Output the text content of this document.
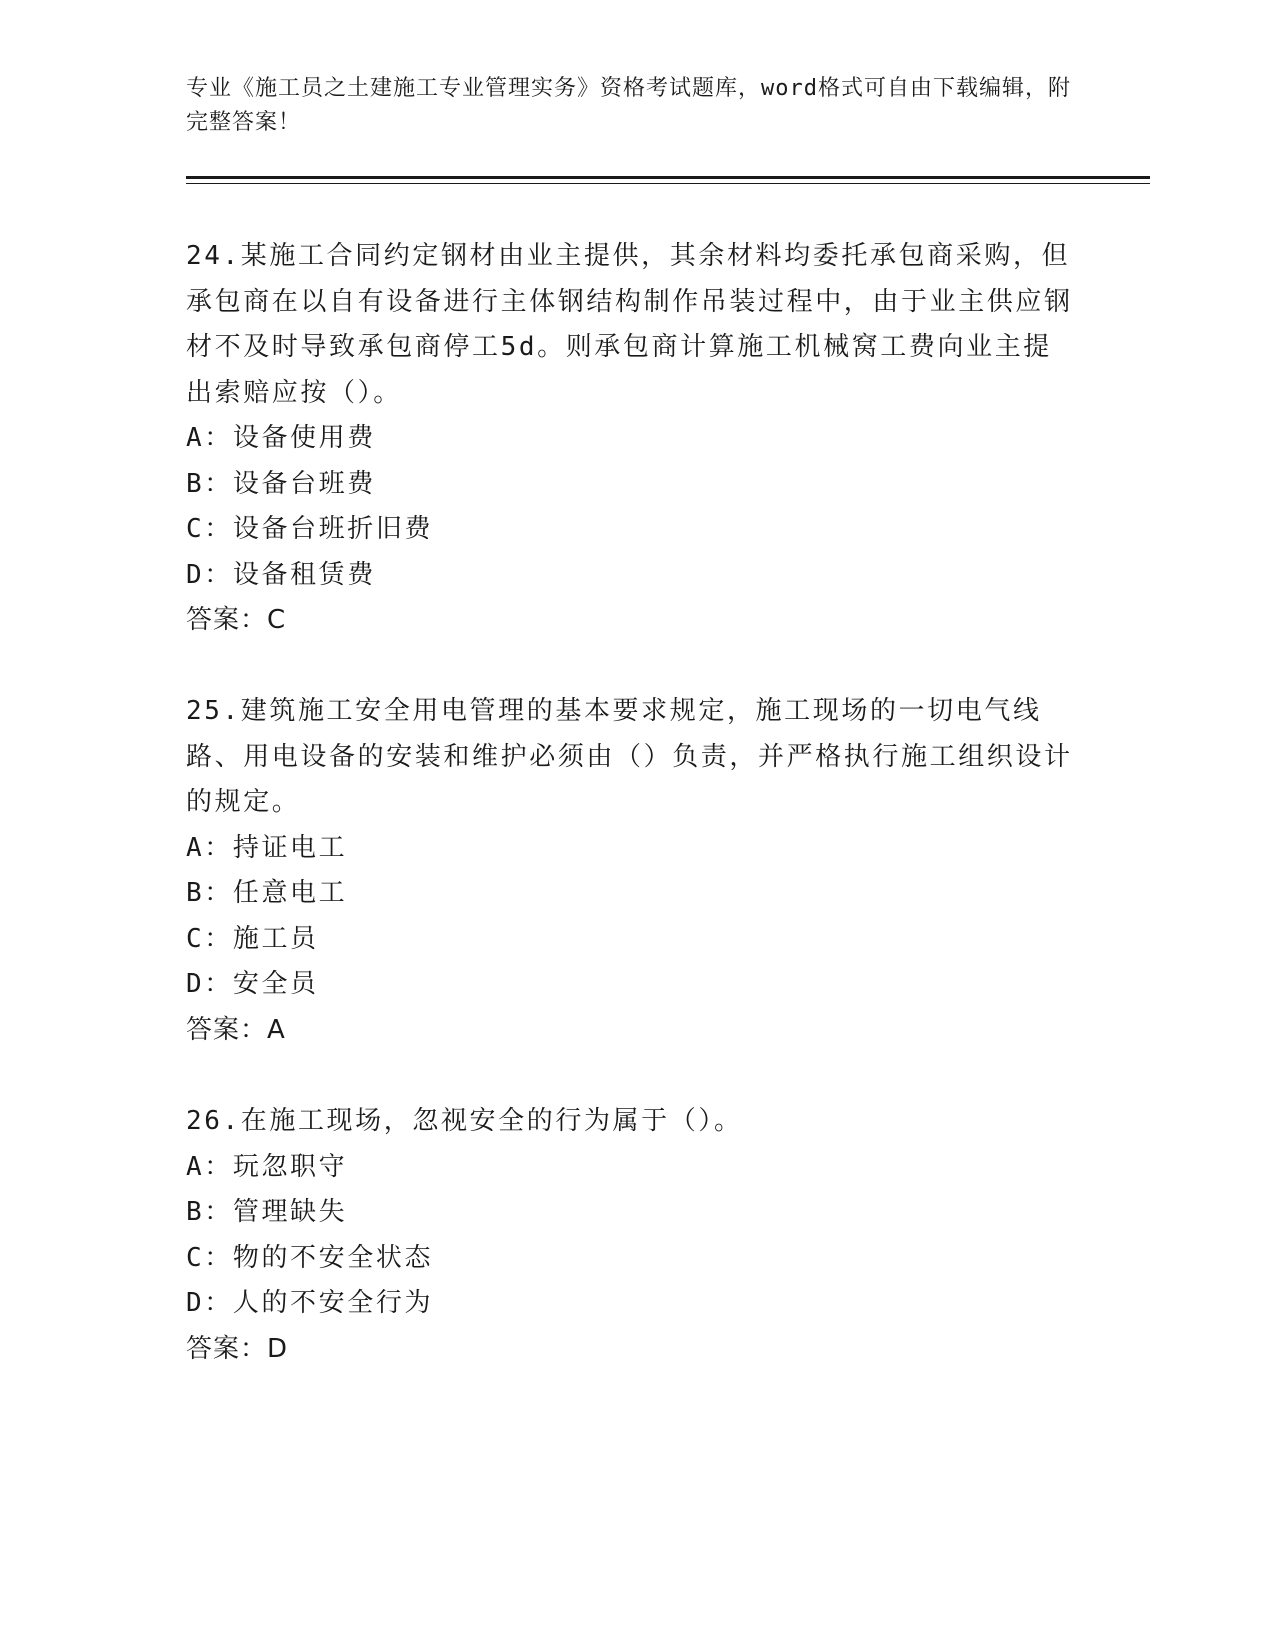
专业《施工员之土建施工专业管理实务》资格考试题库，word格式可自由下载编辑，附完整答案！

24.某施工合同约定钢材由业主提供，其余材料均委托承包商采购，但承包商在以自有设备进行主体钢结构制作吊装过程中，由于业主供应钢材不及时导致承包商停工5d。则承包商计算施工机械窝工费向业主提出索赔应按（）。

A：设备使用费

B：设备台班费

C：设备台班折旧费

D：设备租赁费

答案：C

25.建筑施工安全用电管理的基本要求规定，施工现场的一切电气线路、用电设备的安装和维护必须由（）负责，并严格执行施工组织设计的规定。

A：持证电工

B：任意电工

C：施工员

D：安全员

答案：A

26.在施工现场，忽视安全的行为属于（）。

A：玩忽职守

B：管理缺失

C：物的不安全状态

D：人的不安全行为

答案：D
